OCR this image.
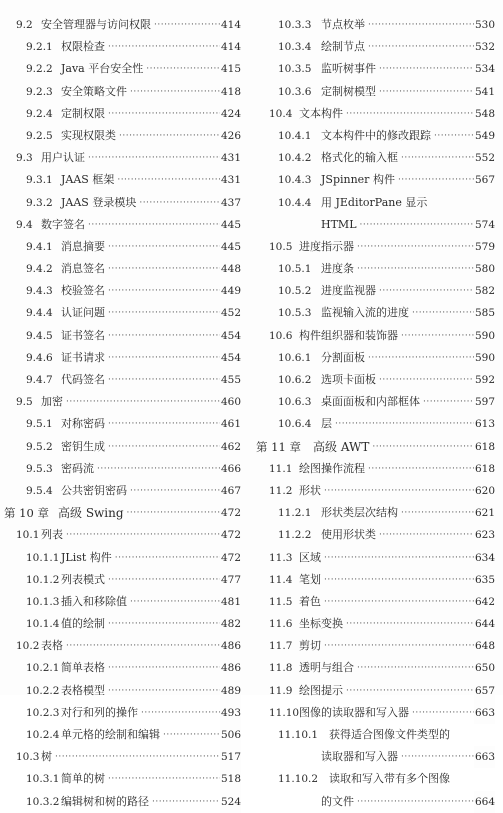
9.2 安全管理器与访问权限 ·····	414
9.2.1 权限检查 ·····	414
9.2.2 Java 平台安全性 ·····	415
9.2.3 安全策略文件 ·····	418
9.2.4 定制权限 ·····	424
9.2.5 实现权限类 ·····	426
9.3 用户认证 ·····	431
9.3.1 JAAS 框架 ·····	431
9.3.2 JAAS 登录模块 ·····	437
9.4 数字签名 ·····	445
9.4.1 消息摘要 ·····	445
9.4.2 消息签名 ·····	448
9.4.3 校验签名 ·····	449
9.4.4 认证问题 ·····	452
9.4.5 证书签名 ·····	454
9.4.6 证书请求 ·····	454
9.4.7 代码签名 ·····	455
9.5 加密 ·····	460
9.5.1 对称密码 ·····	461
9.5.2 密钥生成 ·····	462
9.5.3 密码流 ·····	466
9.5.4 公共密钥密码 ·····	467
第 10 章 高级 Swing ·····	472
10.1 列表 ·····	472
10.1.1 JList 构件 ·····	472
10.1.2 列表模式 ·····	477
10.1.3 插入和移除值 ·····	481
10.1.4 值的绘制 ·····	482
10.2 表格 ·····	486
10.2.1 简单表格 ·····	486
10.2.2 表格模型 ·····	489
10.2.3 对行和列的操作 ·····	493
10.2.4 单元格的绘制和编辑 ·····	506
10.3 树 ·····	517
10.3.1 简单的树 ·····	518
10.3.2 编辑树和树的路径 ·····	524
10.3.3 节点枚举 ·····	530
10.3.4 绘制节点 ·····	532
10.3.5 监听树事件 ·····	534
10.3.6 定制树模型 ·····	541
10.4 文本构件 ·····	548
10.4.1 文本构件中的修改跟踪 ·····	549
10.4.2 格式化的输入框 ·····	552
10.4.3 JSpinner 构件 ·····	567
10.4.4 用 JEditorPane 显示
HTML ·····	574
10.5 进度指示器 ·····	579
10.5.1 进度条 ·····	580
10.5.2 进度监视器 ·····	582
10.5.3 监视输入流的进度 ·····	585
10.6 构件组织器和装饰器 ·····	590
10.6.1 分割面板 ·····	590
10.6.2 选项卡面板 ·····	592
10.6.3 桌面面板和内部框体 ·····	597
10.6.4 层 ·····	613
第 11 章 高级 AWT ·····	618
11.1 绘图操作流程 ·····	618
11.2 形状 ·····	620
11.2.1 形状类层次结构 ·····	621
11.2.2 使用形状类 ·····	623
11.3 区域 ·····	634
11.4 笔划 ·····	635
11.5 着色 ·····	642
11.6 坐标变换 ·····	644
11.7 剪切 ·····	648
11.8 透明与组合 ·····	650
11.9 绘图提示 ·····	657
11.10 图像的读取器和写入器 ·····	663
11.10.1 获得适合图像文件类型的
读取器和写入器 ·····	663
11.10.2 读取和写入带有多个图像
的文件 ·····	664
